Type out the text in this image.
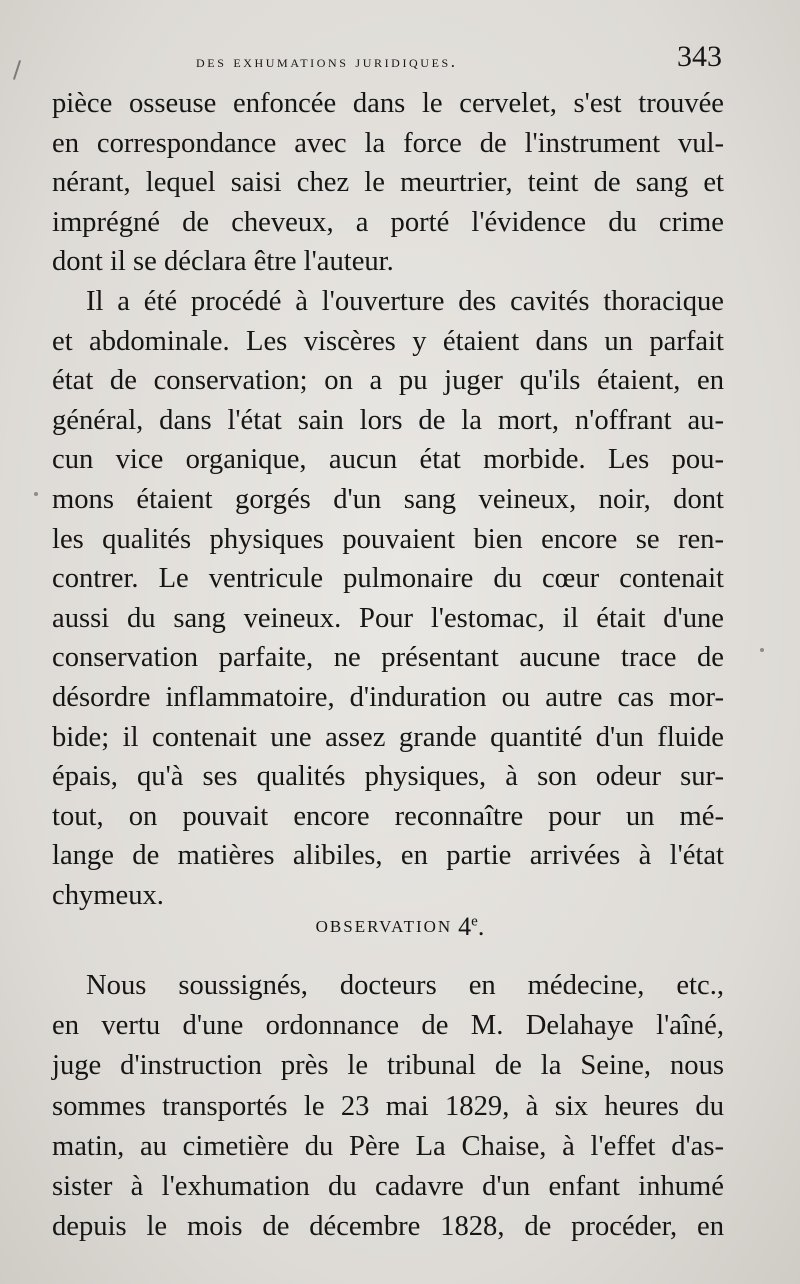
des exhumations juridiques.	343
pièce osseuse enfoncée dans le cervelet, s'est trouvée
en correspondance avec la force de l'instrument vul-
nérant, lequel saisi chez le meurtrier, teint de sang et
imprégné de cheveux, a porté l'évidence du crime
dont il se déclara être l'auteur.
Il a été procédé à l'ouverture des cavités thoracique
et abdominale. Les viscères y étaient dans un parfait
état de conservation; on a pu juger qu'ils étaient, en
général, dans l'état sain lors de la mort, n'offrant au-
cun vice organique, aucun état morbide. Les pou-
mons étaient gorgés d'un sang veineux, noir, dont
les qualités physiques pouvaient bien encore se ren-
contrer. Le ventricule pulmonaire du cœur contenait
aussi du sang veineux. Pour l'estomac, il était d'une
conservation parfaite, ne présentant aucune trace de
désordre inflammatoire, d'induration ou autre cas mor-
bide; il contenait une assez grande quantité d'un fluide
épais, qu'à ses qualités physiques, à son odeur sur-
tout, on pouvait encore reconnaître pour un mé-
lange de matières alibiles, en partie arrivées à l'état
chymeux.
OBSERVATION 4e.
Nous soussignés, docteurs en médecine, etc.,
en vertu d'une ordonnance de M. Delahaye l'aîné,
juge d'instruction près le tribunal de la Seine, nous
sommes transportés le 23 mai 1829, à six heures du
matin, au cimetière du Père La Chaise, à l'effet d'as-
sister à l'exhumation du cadavre d'un enfant inhumé
depuis le mois de décembre 1828, de procéder, en
